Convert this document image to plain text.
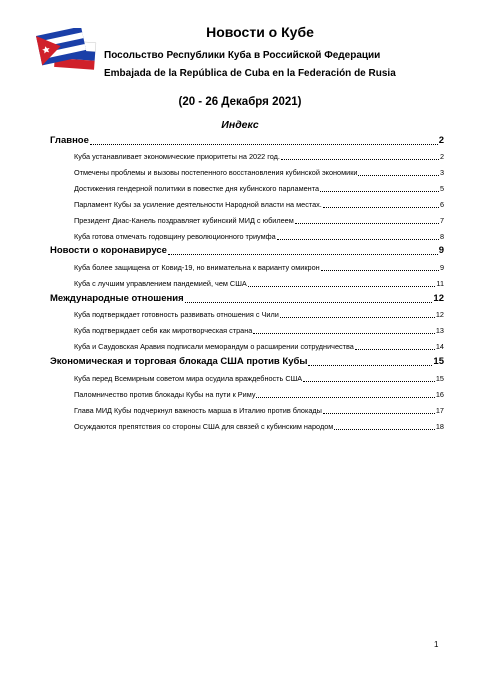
Новости о Кубе
Посольство Республики Куба в Российской Федерации
Embajada de la República de Cuba en la Federación de Rusia
(20 - 26 Декабря 2021)
Индекс
Главное	2
Куба устанавливает экономические приоритеты на 2022 год.	2
Отмечены проблемы и вызовы постепенного восстановления кубинской экономики	3
Достижения гендерной политики в повестке дня кубинского парламента	5
Парламент Кубы за усиление деятельности Народной власти на местах.	6
Президент Диас-Канель поздравляет кубинский МИД с юбилеем	7
Куба готова отмечать годовщину революционного триумфа	8
Новости о коронавирусе	9
Куба более защищена от Ковид-19, но внимательна к варианту омикрон	9
Куба с лучшим управлением пандемией, чем США	11
Международные отношения	12
Куба подтверждает готовность развивать отношения с Чили	12
Куба подтверждает себя как миротворческая страна	13
Куба и Саудовская Аравия подписали меморандум о расширении сотрудничества	14
Экономическая и торговая блокада США против Кубы	15
Куба перед Всемирным советом мира осудила враждебность США	15
Паломничество против блокады Кубы на пути к Риму	16
Глава МИД Кубы подчеркнул важность марша в Италию против блокады	17
Осуждаются препятствия со стороны США для связей с кубинским народом	18
1
